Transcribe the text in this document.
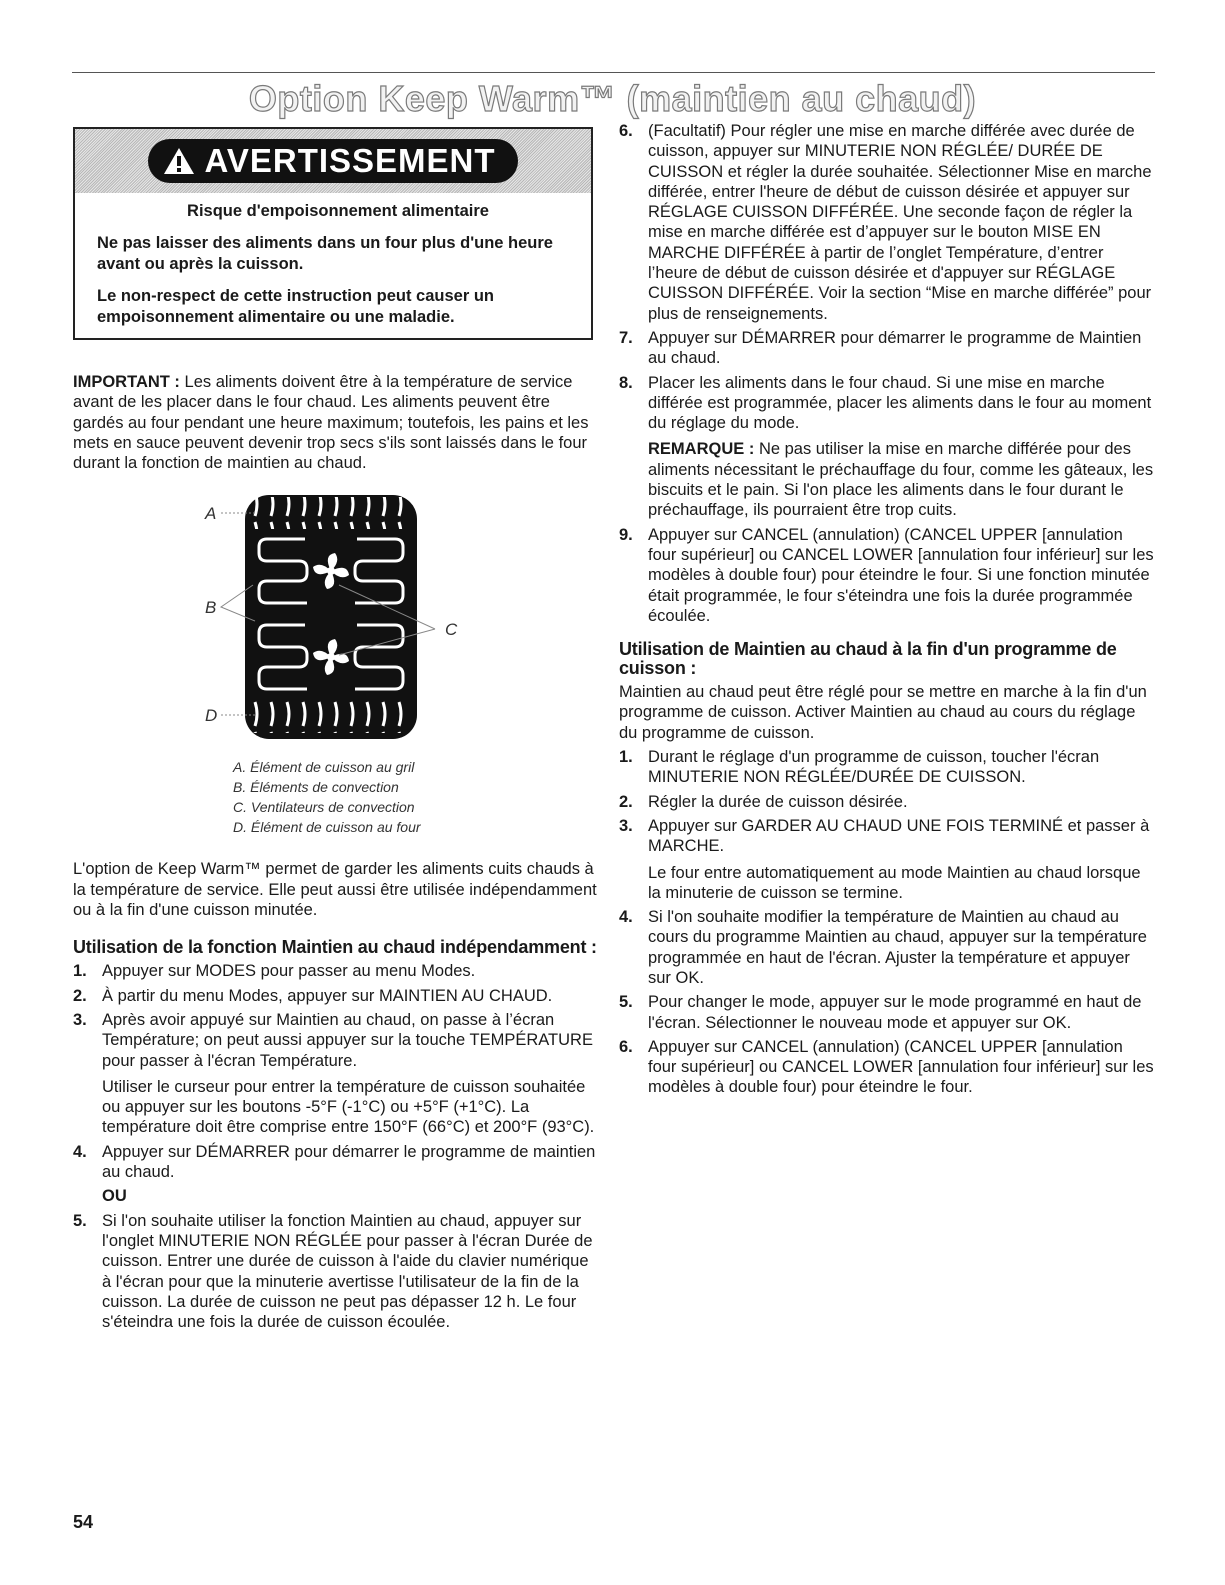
Option Keep Warm™ (maintien au chaud)
AVERTISSEMENT

Risque d'empoisonnement alimentaire

Ne pas laisser des aliments dans un four plus d'une heure avant ou après la cuisson.

Le non-respect de cette instruction peut causer un empoisonnement alimentaire ou une maladie.

IMPORTANT : Les aliments doivent être à la température de service avant de les placer dans le four chaud. Les aliments peuvent être gardés au four pendant une heure maximum; toutefois, les pains et les mets en sauce peuvent devenir trop secs s'ils sont laissés dans le four durant la fonction de maintien au chaud.

A
B
C
D
A. Élément de cuisson au gril
B. Éléments de convection
C. Ventilateurs de convection
D. Élément de cuisson au four

L'option de Keep Warm™ permet de garder les aliments cuits chauds à la température de service. Elle peut aussi être utilisée indépendamment ou à la fin d'une cuisson minutée.

Utilisation de la fonction Maintien au chaud indépendamment :
1. Appuyer sur MODES pour passer au menu Modes.
2. À partir du menu Modes, appuyer sur MAINTIEN AU CHAUD.
3. Après avoir appuyé sur Maintien au chaud, on passe à l’écran Température; on peut aussi appuyer sur la touche TEMPÉRATURE pour passer à l'écran Température.
Utiliser le curseur pour entrer la température de cuisson souhaitée ou appuyer sur les boutons -5°F (-1°C) ou +5°F (+1°C). La température doit être comprise entre 150°F (66°C) et 200°F (93°C).
4. Appuyer sur DÉMARRER pour démarrer le programme de maintien au chaud.
OU
5. Si l'on souhaite utiliser la fonction Maintien au chaud, appuyer sur l'onglet MINUTERIE NON RÉGLÉE pour passer à l'écran Durée de cuisson. Entrer une durée de cuisson à l'aide du clavier numérique à l'écran pour que la minuterie avertisse l'utilisateur de la fin de la cuisson. La durée de cuisson ne peut pas dépasser 12 h. Le four s'éteindra une fois la durée de cuisson écoulée.
6. (Facultatif) Pour régler une mise en marche différée avec durée de cuisson, appuyer sur MINUTERIE NON RÉGLÉE/ DURÉE DE CUISSON et régler la durée souhaitée. Sélectionner Mise en marche différée, entrer l'heure de début de cuisson désirée et appuyer sur RÉGLAGE CUISSON DIFFÉRÉE. Une seconde façon de régler la mise en marche différée est d’appuyer sur le bouton MISE EN MARCHE DIFFÉRÉE à partir de l’onglet Température, d’entrer l’heure de début de cuisson désirée et d'appuyer sur RÉGLAGE CUISSON DIFFÉRÉE. Voir la section “Mise en marche différée” pour plus de renseignements.
7. Appuyer sur DÉMARRER pour démarrer le programme de Maintien au chaud.
8. Placer les aliments dans le four chaud. Si une mise en marche différée est programmée, placer les aliments dans le four au moment du réglage du mode.
REMARQUE : Ne pas utiliser la mise en marche différée pour des aliments nécessitant le préchauffage du four, comme les gâteaux, les biscuits et le pain. Si l'on place les aliments dans le four durant le préchauffage, ils pourraient être trop cuits.
9. Appuyer sur CANCEL (annulation) (CANCEL UPPER [annulation four supérieur] ou CANCEL LOWER [annulation four inférieur] sur les modèles à double four) pour éteindre le four. Si une fonction minutée était programmée, le four s'éteindra une fois la durée programmée écoulée.
Utilisation de Maintien au chaud à la fin d'un programme de cuisson :

Maintien au chaud peut être réglé pour se mettre en marche à la fin d'un programme de cuisson. Activer Maintien au chaud au cours du réglage du programme de cuisson.

1. Durant le réglage d'un programme de cuisson, toucher l'écran MINUTERIE NON RÉGLÉE/DURÉE DE CUISSON.
2. Régler la durée de cuisson désirée.
3. Appuyer sur GARDER AU CHAUD UNE FOIS TERMINÉ et passer à MARCHE.
Le four entre automatiquement au mode Maintien au chaud lorsque la minuterie de cuisson se termine.
4. Si l'on souhaite modifier la température de Maintien au chaud au cours du programme Maintien au chaud, appuyer sur la température programmée en haut de l'écran. Ajuster la température et appuyer sur OK.
5. Pour changer le mode, appuyer sur le mode programmé en haut de l'écran. Sélectionner le nouveau mode et appuyer sur OK.
6. Appuyer sur CANCEL (annulation) (CANCEL UPPER [annulation four supérieur] ou CANCEL LOWER [annulation four inférieur] sur les modèles à double four) pour éteindre le four.
54
